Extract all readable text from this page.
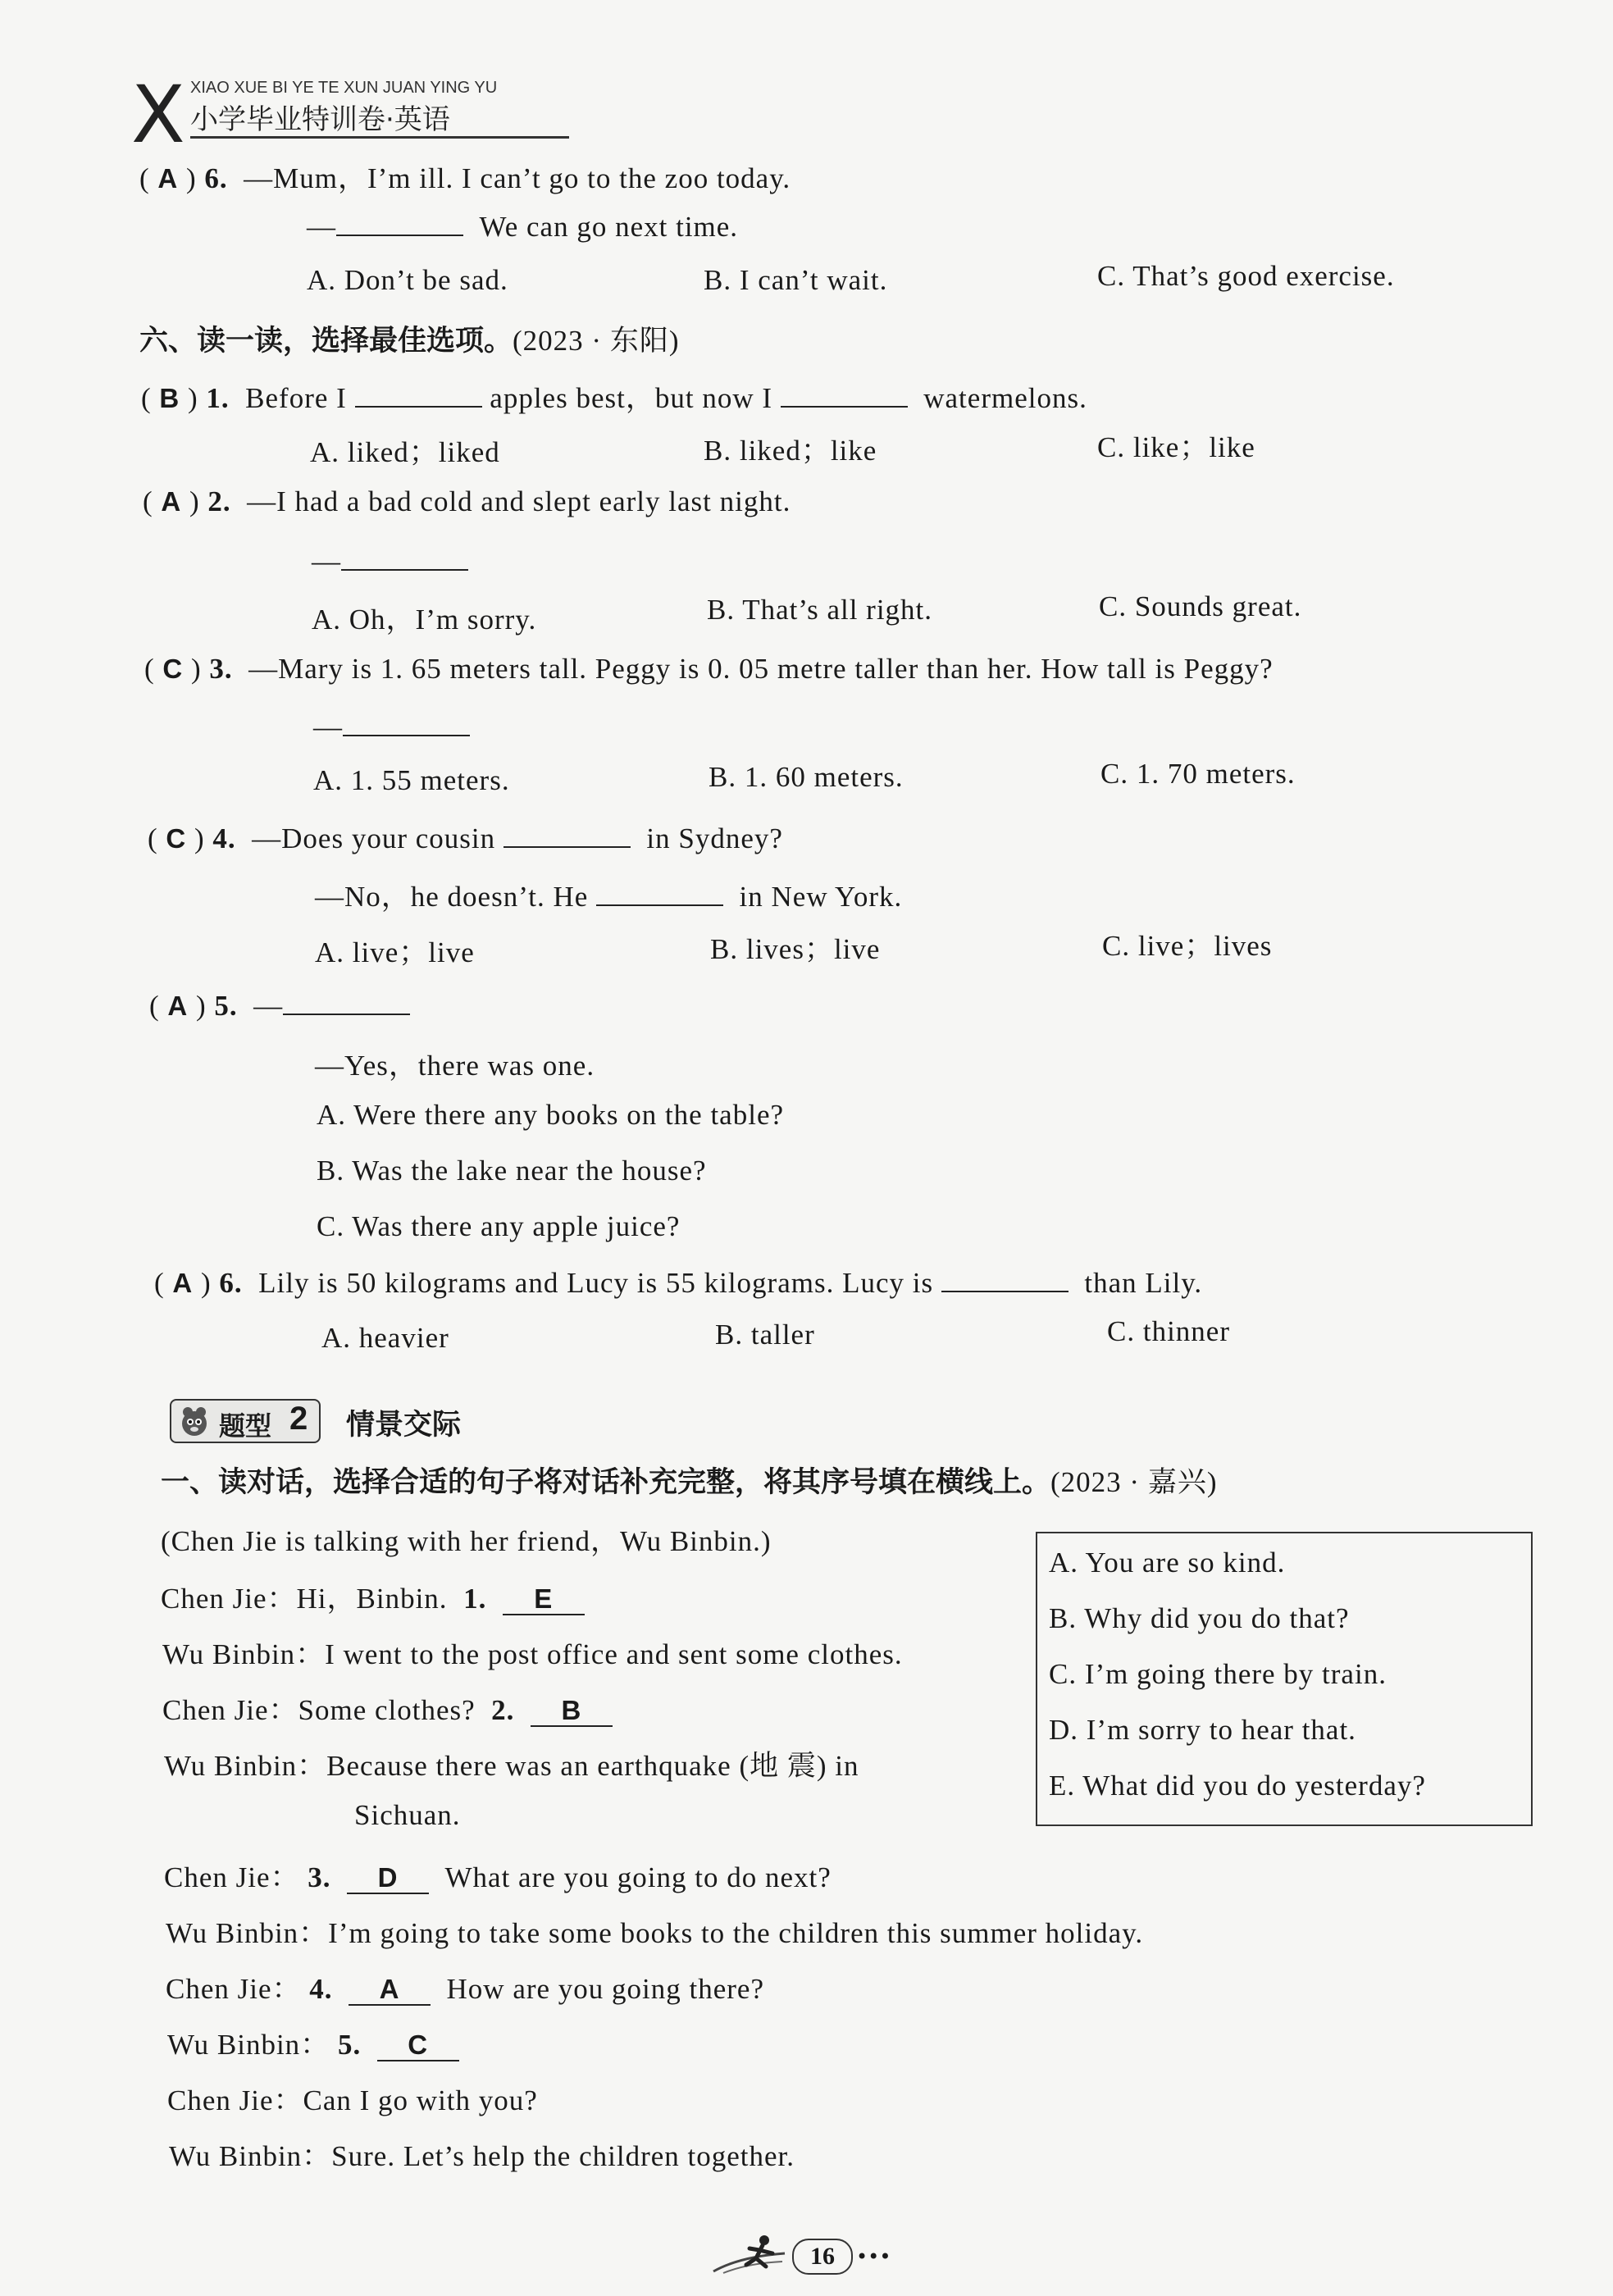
X XIAO XUE BI YE TE XUN JUAN YING YU
小学毕业特训卷·英语
( A ) 6. —Mum，I’m ill. I can’t go to the zoo today.
—	We can go next time.
A. Don’t be sad.	B. I can’t wait.	C. That’s good exercise.
六、读一读，选择最佳选项。(2023 · 东阳)
( B ) 1. Before I	apples best，but now I	watermelons.
A. liked；liked	B. liked；like	C. like；like
( A ) 2. —I had a bad cold and slept early last night.
—
A. Oh，I’m sorry.	B. That’s all right.	C. Sounds great.
( C ) 3. —Mary is 1. 65 meters tall. Peggy is 0. 05 metre taller than her. How tall is Peggy?
—
A. 1. 55 meters.	B. 1. 60 meters.	C. 1. 70 meters.
( C ) 4. —Does your cousin	in Sydney?
—No，he doesn’t. He	in New York.
A. live；live	B. lives；live	C. live；lives
( A ) 5. —
—Yes，there was one.
A. Were there any books on the table?
B. Was the lake near the house?
C. Was there any apple juice?
( A ) 6. Lily is 50 kilograms and Lucy is 55 kilograms. Lucy is	than Lily.
A. heavier	B. taller	C. thinner
题型 2 情景交际
一、读对话，选择合适的句子将对话补充完整，将其序号填在横线上。(2023 · 嘉兴)
(Chen Jie is talking with her friend，Wu Binbin.)
Chen Jie：Hi，Binbin. 1. E
Wu Binbin：I went to the post office and sent some clothes.
Chen Jie：Some clothes? 2. B
Wu Binbin：Because there was an earthquake (地 震) in
Sichuan.
Chen Jie： 3. D What are you going to do next?
Wu Binbin：I’m going to take some books to the children this summer holiday.
Chen Jie： 4. A How are you going there?
Wu Binbin： 5. C
Chen Jie：Can I go with you?
Wu Binbin：Sure. Let’s help the children together.
A. You are so kind.
B. Why did you do that?
C. I’m going there by train.
D. I’m sorry to hear that.
E. What did you do yesterday?
16	•••
